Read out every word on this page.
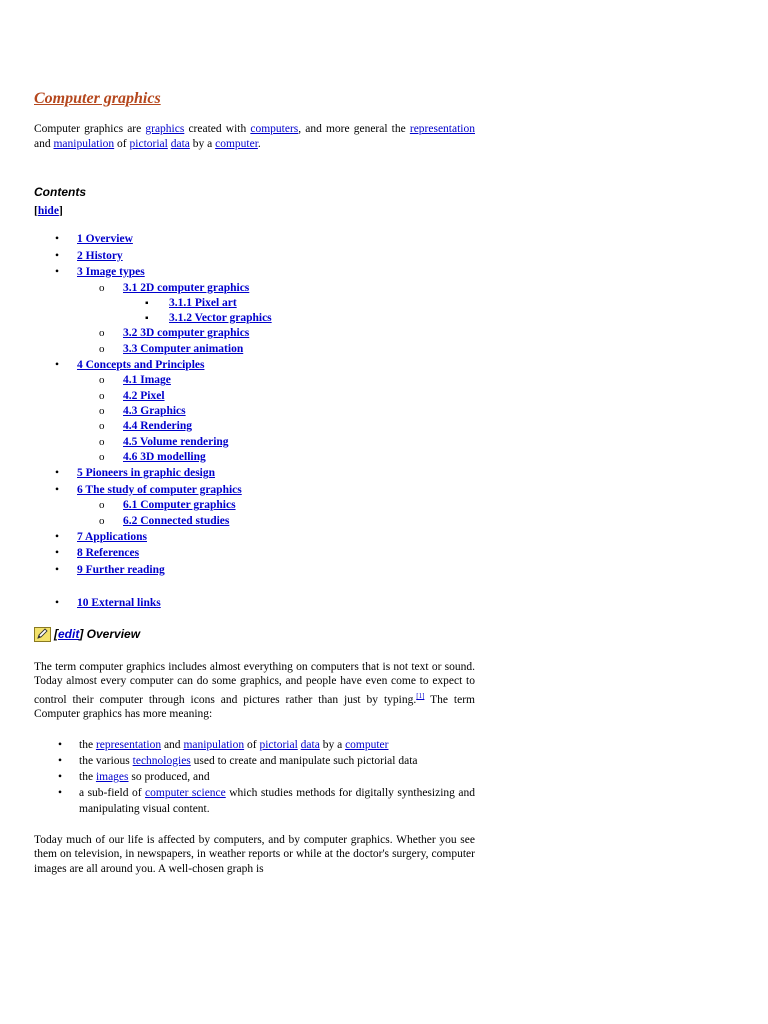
Computer graphics

Computer graphics are graphics created with computers, and more general the representation and manipulation of pictorial data by a computer.

Contents
[hide]
• 1 Overview
• 2 History
• 3 Image types
o 3.1 2D computer graphics
▪ 3.1.1 Pixel art
▪ 3.1.2 Vector graphics
o 3.2 3D computer graphics
o 3.3 Computer animation
• 4 Concepts and Principles
o 4.1 Image
o 4.2 Pixel
o 4.3 Graphics
o 4.4 Rendering
o 4.5 Volume rendering
o 4.6 3D modelling
• 5 Pioneers in graphic design
• 6 The study of computer graphics
o 6.1 Computer graphics
o 6.2 Connected studies
• 7 Applications
• 8 References
• 9 Further reading
• 10 External links
[ edit ] Overview

The term computer graphics includes almost everything on computers that is not text or sound. Today almost every computer can do some graphics, and people have even come to expect to control their computer through icons and pictures rather than just by typing.[1] The term Computer graphics has more meaning:

• the representation and manipulation of pictorial data by a computer
• the various technologies used to create and manipulate such pictorial data
• the images so produced, and
• a sub-field of computer science which studies methods for digitally synthesizing and manipulating visual content.

Today much of our life is affected by computers, and by computer graphics. Whether you see them on television, in newspapers, in weather reports or while at the doctor's surgery, computer images are all around you. A well-chosen graph is
